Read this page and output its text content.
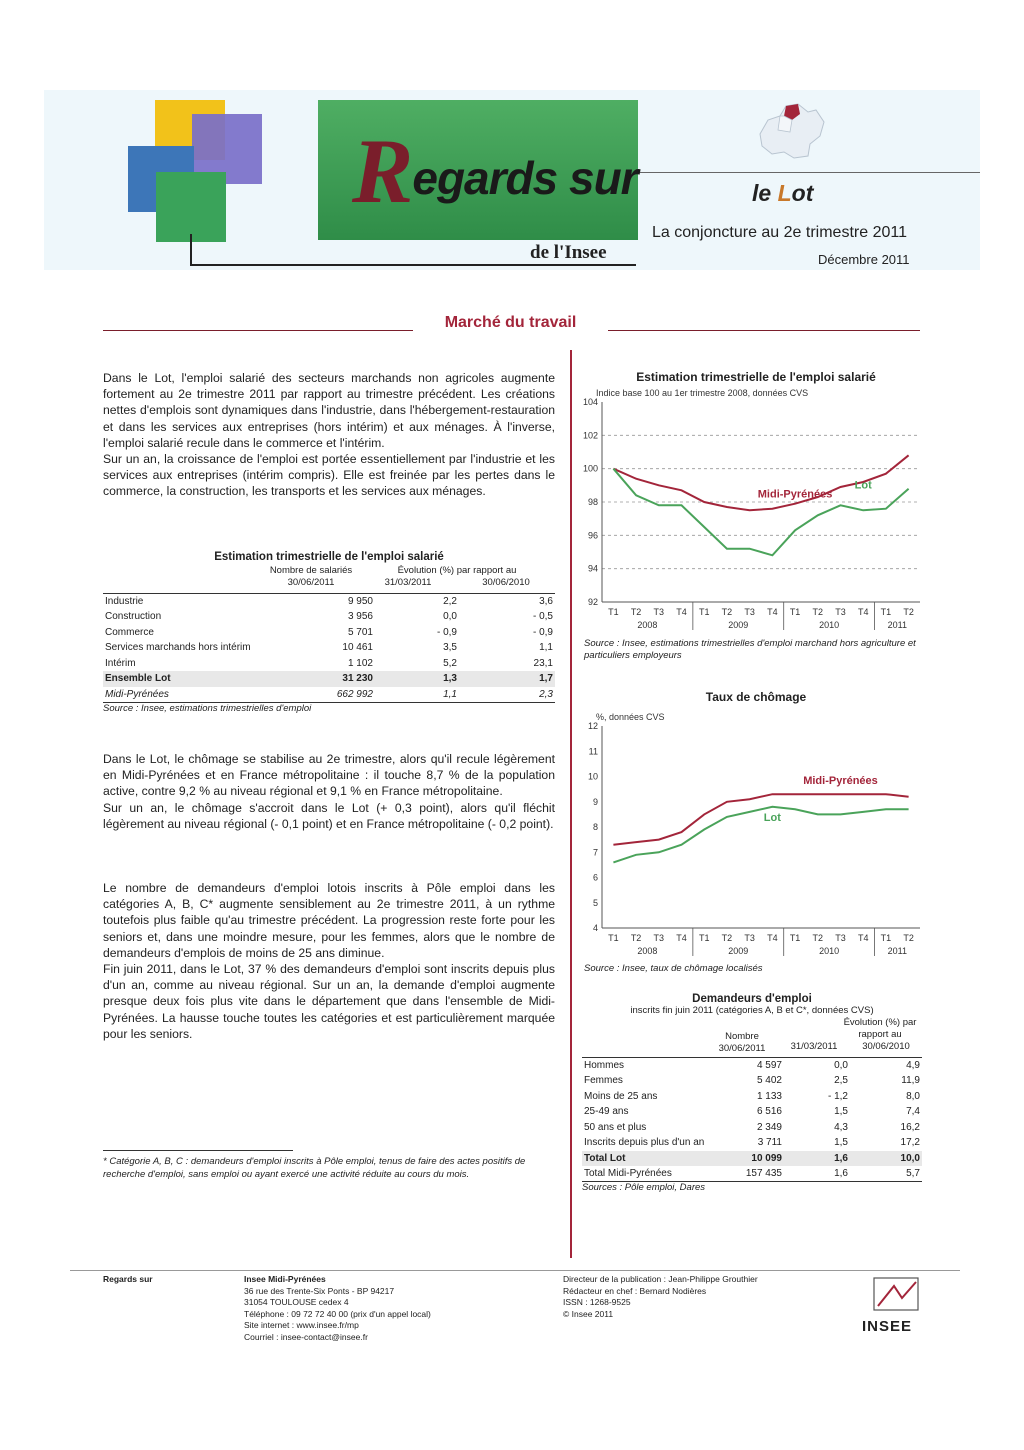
Regards sur
de l'Insee
le Lot
La conjoncture au 2e trimestre 2011
Décembre 2011
Marché du travail

Dans le Lot, l'emploi salarié des secteurs marchands non agricoles augmente fortement au 2e trimestre 2011 par rapport au trimestre précédent. Les créations nettes d'emplois sont dynamiques dans l'industrie, dans l'hébergement-restauration et dans les services aux entreprises (hors intérim) et aux ménages. À l'inverse, l'emploi salarié recule dans le commerce et l'intérim.

Sur un an, la croissance de l'emploi est portée essentiellement par l'industrie et les services aux entreprises (intérim compris). Elle est freinée par les pertes dans le commerce, la construction, les transports et les services aux ménages.

Estimation trimestrielle de l'emploi salarié
Nombre de salariés 30/06/2011
Évolution (%) par rapport au
31/03/2011	30/06/2010
Industrie	9 950	2,2	3,6
Construction	3 956	0,0	- 0,5
Commerce	5 701	- 0,9	- 0,9
Services marchands hors intérim	10 461	3,5	1,1
Intérim	1 102	5,2	23,1
Ensemble Lot	31 230	1,3	1,7
Midi-Pyrénées	662 992	1,1	2,3
Source : Insee, estimations trimestrielles d'emploi

Dans le Lot, le chômage se stabilise au 2e trimestre, alors qu'il recule légèrement en Midi-Pyrénées et en France métropolitaine : il touche 8,7 % de la population active, contre 9,2 % au niveau régional et 9,1 % en France métropolitaine.

Sur un an, le chômage s'accroit dans le Lot (+ 0,3 point), alors qu'il fléchit légèrement au niveau régional (- 0,1 point) et en France métropolitaine (- 0,2 point).

Le nombre de demandeurs d'emploi lotois inscrits à Pôle emploi dans les catégories A, B, C* augmente sensiblement au 2e trimestre 2011, à un rythme toutefois plus faible qu'au trimestre précédent. La progression reste forte pour les seniors et, dans une moindre mesure, pour les femmes, alors que le nombre de demandeurs d'emplois de moins de 25 ans diminue.

Fin juin 2011, dans le Lot, 37 % des demandeurs d'emploi sont inscrits depuis plus d'un an, comme au niveau régional. Sur un an, la demande d'emploi augmente presque deux fois plus vite dans le département que dans l'ensemble de Midi-Pyrénées. La hausse touche toutes les catégories et est particulièrement marquée pour les seniors.

* Catégorie A, B, C : demandeurs d'emploi inscrits à Pôle emploi, tenus de faire des actes positifs de recherche d'emploi, sans emploi ou ayant exercé une activité réduite au cours du mois.
Estimation trimestrielle de l'emploi salarié
Indice base 100 au 1er trimestre 2008, données CVS
104
102
100
98
96
94
92
T1 T2 T3 T4 T1 T2 T3 T4 T1 T2 T3 T4 T1 T2
2008	2009	2010	2011
Midi-Pyrénées
Lot
Source : Insee, estimations trimestrielles d'emploi marchand hors agriculture et particuliers employeurs
Taux de chômage
%, données CVS
12
11
10
9
8
7
6
5
4
T1 T2 T3 T4 T1 T2 T3 T4 T1 T2 T3 T4 T1 T2
2008	2009	2010	2011
Midi-Pyrénées
Lot
Source : Insee, taux de chômage localisés
Demandeurs d'emploi
inscrits fin juin 2011 (catégories A, B et C*, données CVS)
Nombre 30/06/2011
Évolution (%) par rapport au
31/03/2011	30/06/2010
Hommes	4 597	0,0	4,9
Femmes	5 402	2,5	11,9
Moins de 25 ans	1 133	- 1,2	8,0
25-49 ans	6 516	1,5	7,4
50 ans et plus	2 349	4,3	16,2
Inscrits depuis plus d'un an	3 711	1,5	17,2
Total Lot	10 099	1,6	10,0
Total Midi-Pyrénées	157 435	1,6	5,7
Sources : Pôle emploi, Dares
Regards sur	Insee Midi-Pyrénées
36 rue des Trente-Six Ponts - BP 94217
31054 TOULOUSE cedex 4
Téléphone : 09 72 72 40 00 (prix d'un appel local)
Site internet : www.insee.fr/mp
Courriel : insee-contact@insee.fr
Directeur de la publication : Jean-Philippe Grouthier
Rédacteur en chef : Bernard Nodières
ISSN : 1268-9525
© Insee 2011
INSEE
